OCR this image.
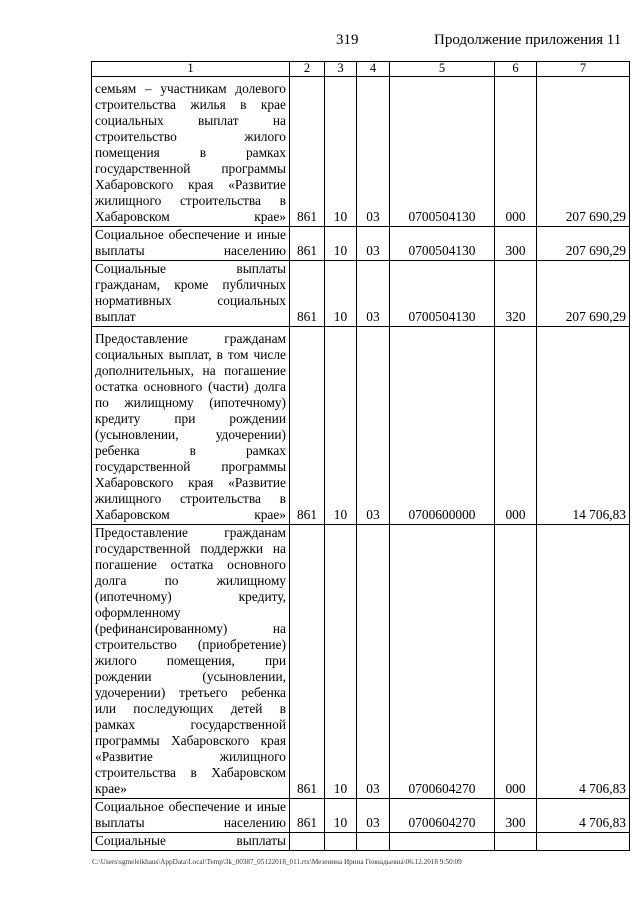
319	Продолжение приложения 11
1	2	3	4	5	6	7
семьям – участникам долевого строительства жилья в крае социальных выплат на строительство жилого помещения в рамках государственной программы Хабаровского края «Развитие жилищного строительства в Хабаровском крае»	861	10	03	0700504130	000	207 690,29
Социальное обеспечение и иные выплаты населению	861	10	03	0700504130	300	207 690,29
Социальные выплаты гражданам, кроме публичных нормативных социальных выплат	861	10	03	0700504130	320	207 690,29
Предоставление гражданам социальных выплат, в том числе дополнительных, на погашение остатка основного (части) долга по жилищному (ипотечному) кредиту при рождении (усыновлении, удочерении) ребенка в рамках государственной программы Хабаровского края «Развитие жилищного строительства в Хабаровском крае»	861	10	03	0700600000	000	14 706,83
Предоставление гражданам государственной поддержки на погашение остатка основного долга по жилищному (ипотечному) кредиту, оформленному (рефинансированному) на строительство (приобретение) жилого помещения, при рождении (усыновлении, удочерении) третьего ребенка или последующих детей в рамках государственной программы Хабаровского края «Развитие жилищного строительства в Хабаровском крае»	861	10	03	0700604270	000	4 706,83
Социальное обеспечение и иные выплаты населению	861	10	03	0700604270	300	4 706,83
Социальные выплаты						
C:\Users\sgmeleikhaus\AppData\Local\Temp\3k_00387_05122018_011.rtx\Мезенина Ирина Геннадьевна\06.12.2018 9:50:09
